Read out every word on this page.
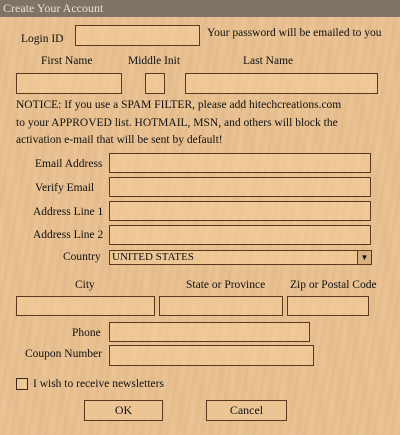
Create Your Account
Login ID	Your password will be emailed to you
First Name	Middle Init	Last Name
NOTICE: If you use a SPAM FILTER, please add hitechcreations.com
to your APPROVED list. HOTMAIL, MSN, and others will block the
activation e-mail that will be sent by default!
Email Address
Verify Email
Address Line 1
Address Line 2
Country UNITED STATES	▼
City	State or Province Zip or Postal Code
Phone
Coupon Number
I wish to receive newsletters
OK	Cancel
